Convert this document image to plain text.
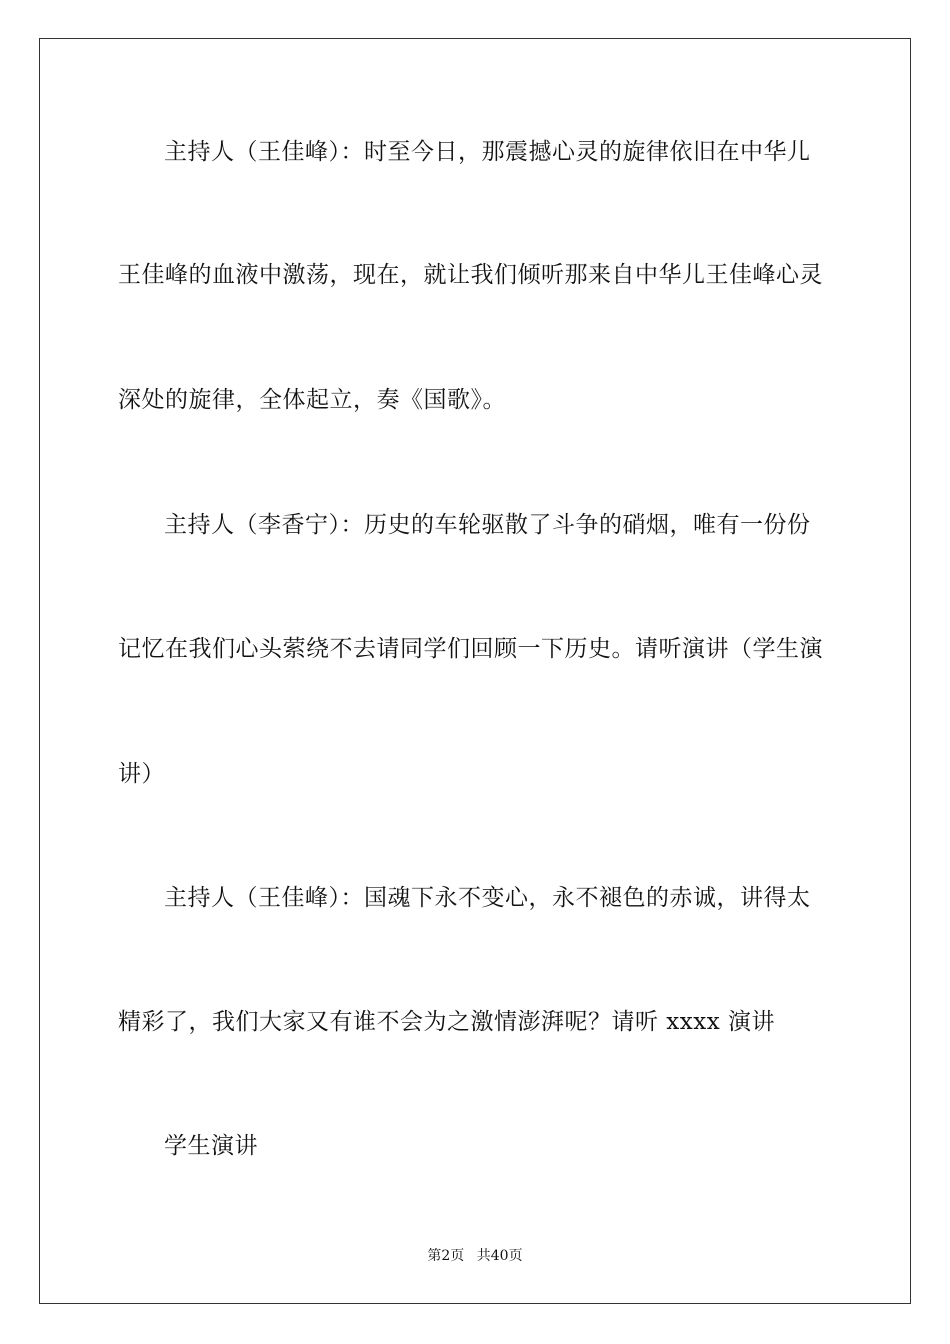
主持人（王佳峰）：时至今日，那震撼心灵的旋律依旧在中华儿
王佳峰的血液中激荡，现在，就让我们倾听那来自中华儿王佳峰心灵
深处的旋律，全体起立，奏《国歌》。
主持人（李香宁）：历史的车轮驱散了斗争的硝烟，唯有一份份
记忆在我们心头萦绕不去请同学们回顾一下历史。请听演讲（学生演
讲）
主持人（王佳峰）：国魂下永不变心，永不褪色的赤诚，讲得太
精彩了，我们大家又有谁不会为之激情澎湃呢？请听 xxxx 演讲
学生演讲
第2页 共40页
